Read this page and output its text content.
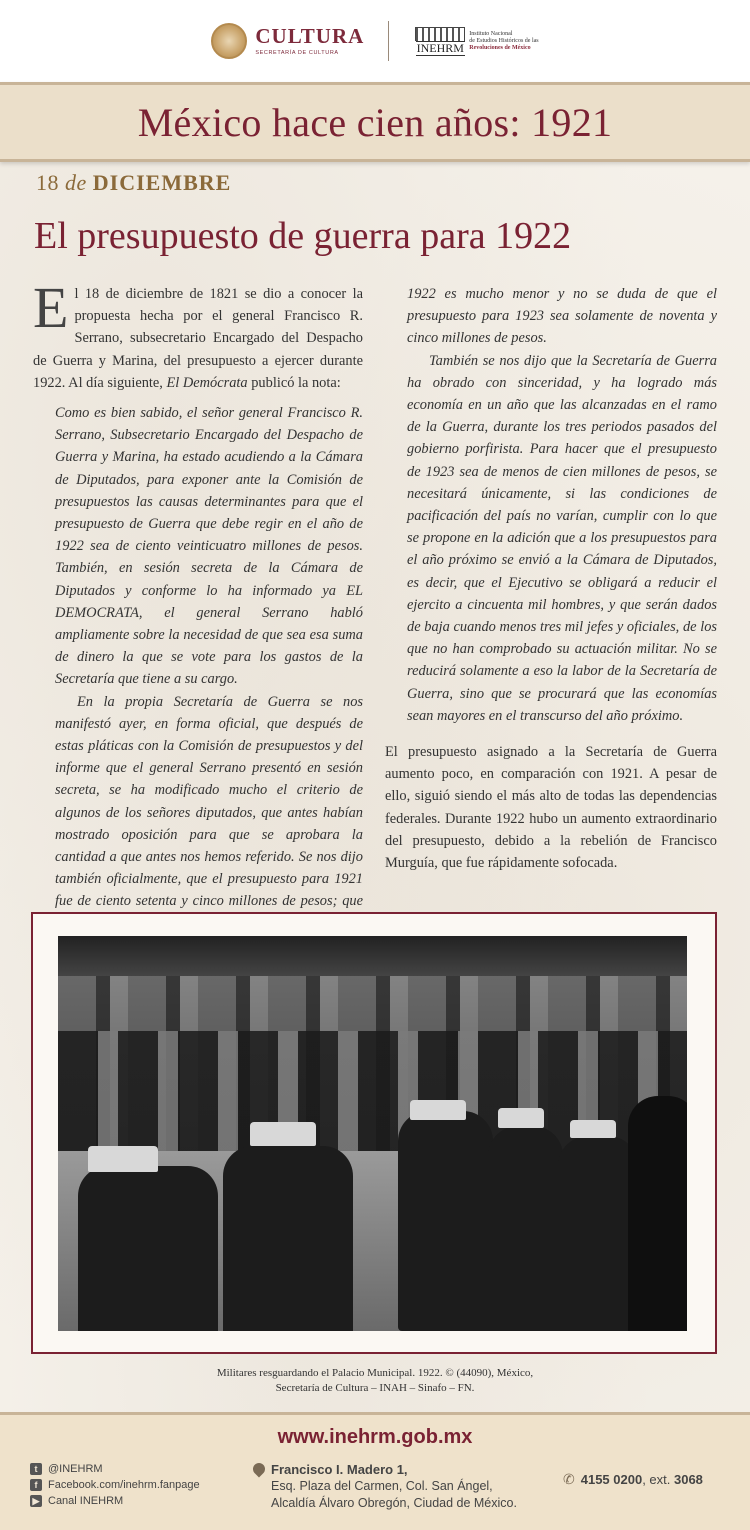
CULTURA
SECRETARÍA DE CULTURA	INEHRM
Instituto Nacional
de Estudios Históricos de las
Revoluciones de México
México hace cien años: 1921
18 de DICIEMBRE
El presupuesto de guerra para 1922

El 18 de diciembre de 1821 se dio a conocer la propuesta hecha por el general Francisco R. Serrano, subsecretario Encargado del Despacho de Guerra y Marina, del presupuesto a ejercer durante 1922. Al día siguiente, El Demócrata publicó la nota:

Como es bien sabido, el señor general Francisco R. Serrano, Subsecretario Encargado del Despacho de Guerra y Marina, ha estado acudiendo a la Cámara de Diputados, para exponer ante la Comisión de presupuestos las causas determinantes para que el presupuesto de Guerra que debe regir en el año de 1922 sea de ciento veinticuatro millones de pesos. También, en sesión secreta de la Cámara de Diputados y conforme lo ha informado ya EL DEMOCRATA, el general Serrano habló ampliamente sobre la necesidad de que sea esa suma de dinero la que se vote para los gastos de la Secretaría que tiene a su cargo.

En la propia Secretaría de Guerra se nos manifestó ayer, en forma oficial, que después de estas pláticas con la Comisión de presupuestos y del informe que el general Serrano presentó en sesión secreta, se ha modificado mucho el criterio de algunos de los señores diputados, que antes habían mostrado oposición para que se aprobara la cantidad a que antes nos hemos referido. Se nos dijo también oficialmente, que el presupuesto para 1921 fue de ciento setenta y cinco millones de pesos; que

1922 es mucho menor y no se duda de que el presupuesto para 1923 sea solamente de noventa y cinco millones de pesos.

También se nos dijo que la Secretaría de Guerra ha obrado con sinceridad, y ha logrado más economía en un año que las alcanzadas en el ramo de la Guerra, durante los tres periodos pasados del gobierno porfirista. Para hacer que el presupuesto de 1923 sea de menos de cien millones de pesos, se necesitará únicamente, si las condiciones de pacificación del país no varían, cumplir con lo que se propone en la adición que a los presupuestos para el año próximo se envió a la Cámara de Diputados, es decir, que el Ejecutivo se obligará a reducir el ejercito a cincuenta mil hombres, y que serán dados de baja cuando menos tres mil jefes y oficiales, de los que no han comprobado su actuación militar. No se reducirá solamente a eso la labor de la Secretaría de Guerra, sino que se procurará que las economías sean mayores en el transcurso del año próximo.

El presupuesto asignado a la Secretaría de Guerra aumento poco, en comparación con 1921. A pesar de ello, siguió siendo el más alto de todas las dependencias federales. Durante 1922 hubo un aumento extraordinario del presupuesto, debido a la rebelión de Francisco Murguía, que fue rápidamente sofocada.

Militares resguardando el Palacio Municipal. 1922. © (44090), México,
Secretaría de Cultura – INAH – Sinafo – FN.
www.inehrm.gob.mx
t @INEHRM
f Facebook.com/inehrm.fanpage
▶ Canal INEHRM
Francisco I. Madero 1,
Esq. Plaza del Carmen, Col. San Ángel,
Alcaldía Álvaro Obregón, Ciudad de México.
✆ 4155 0200, ext. 3068
